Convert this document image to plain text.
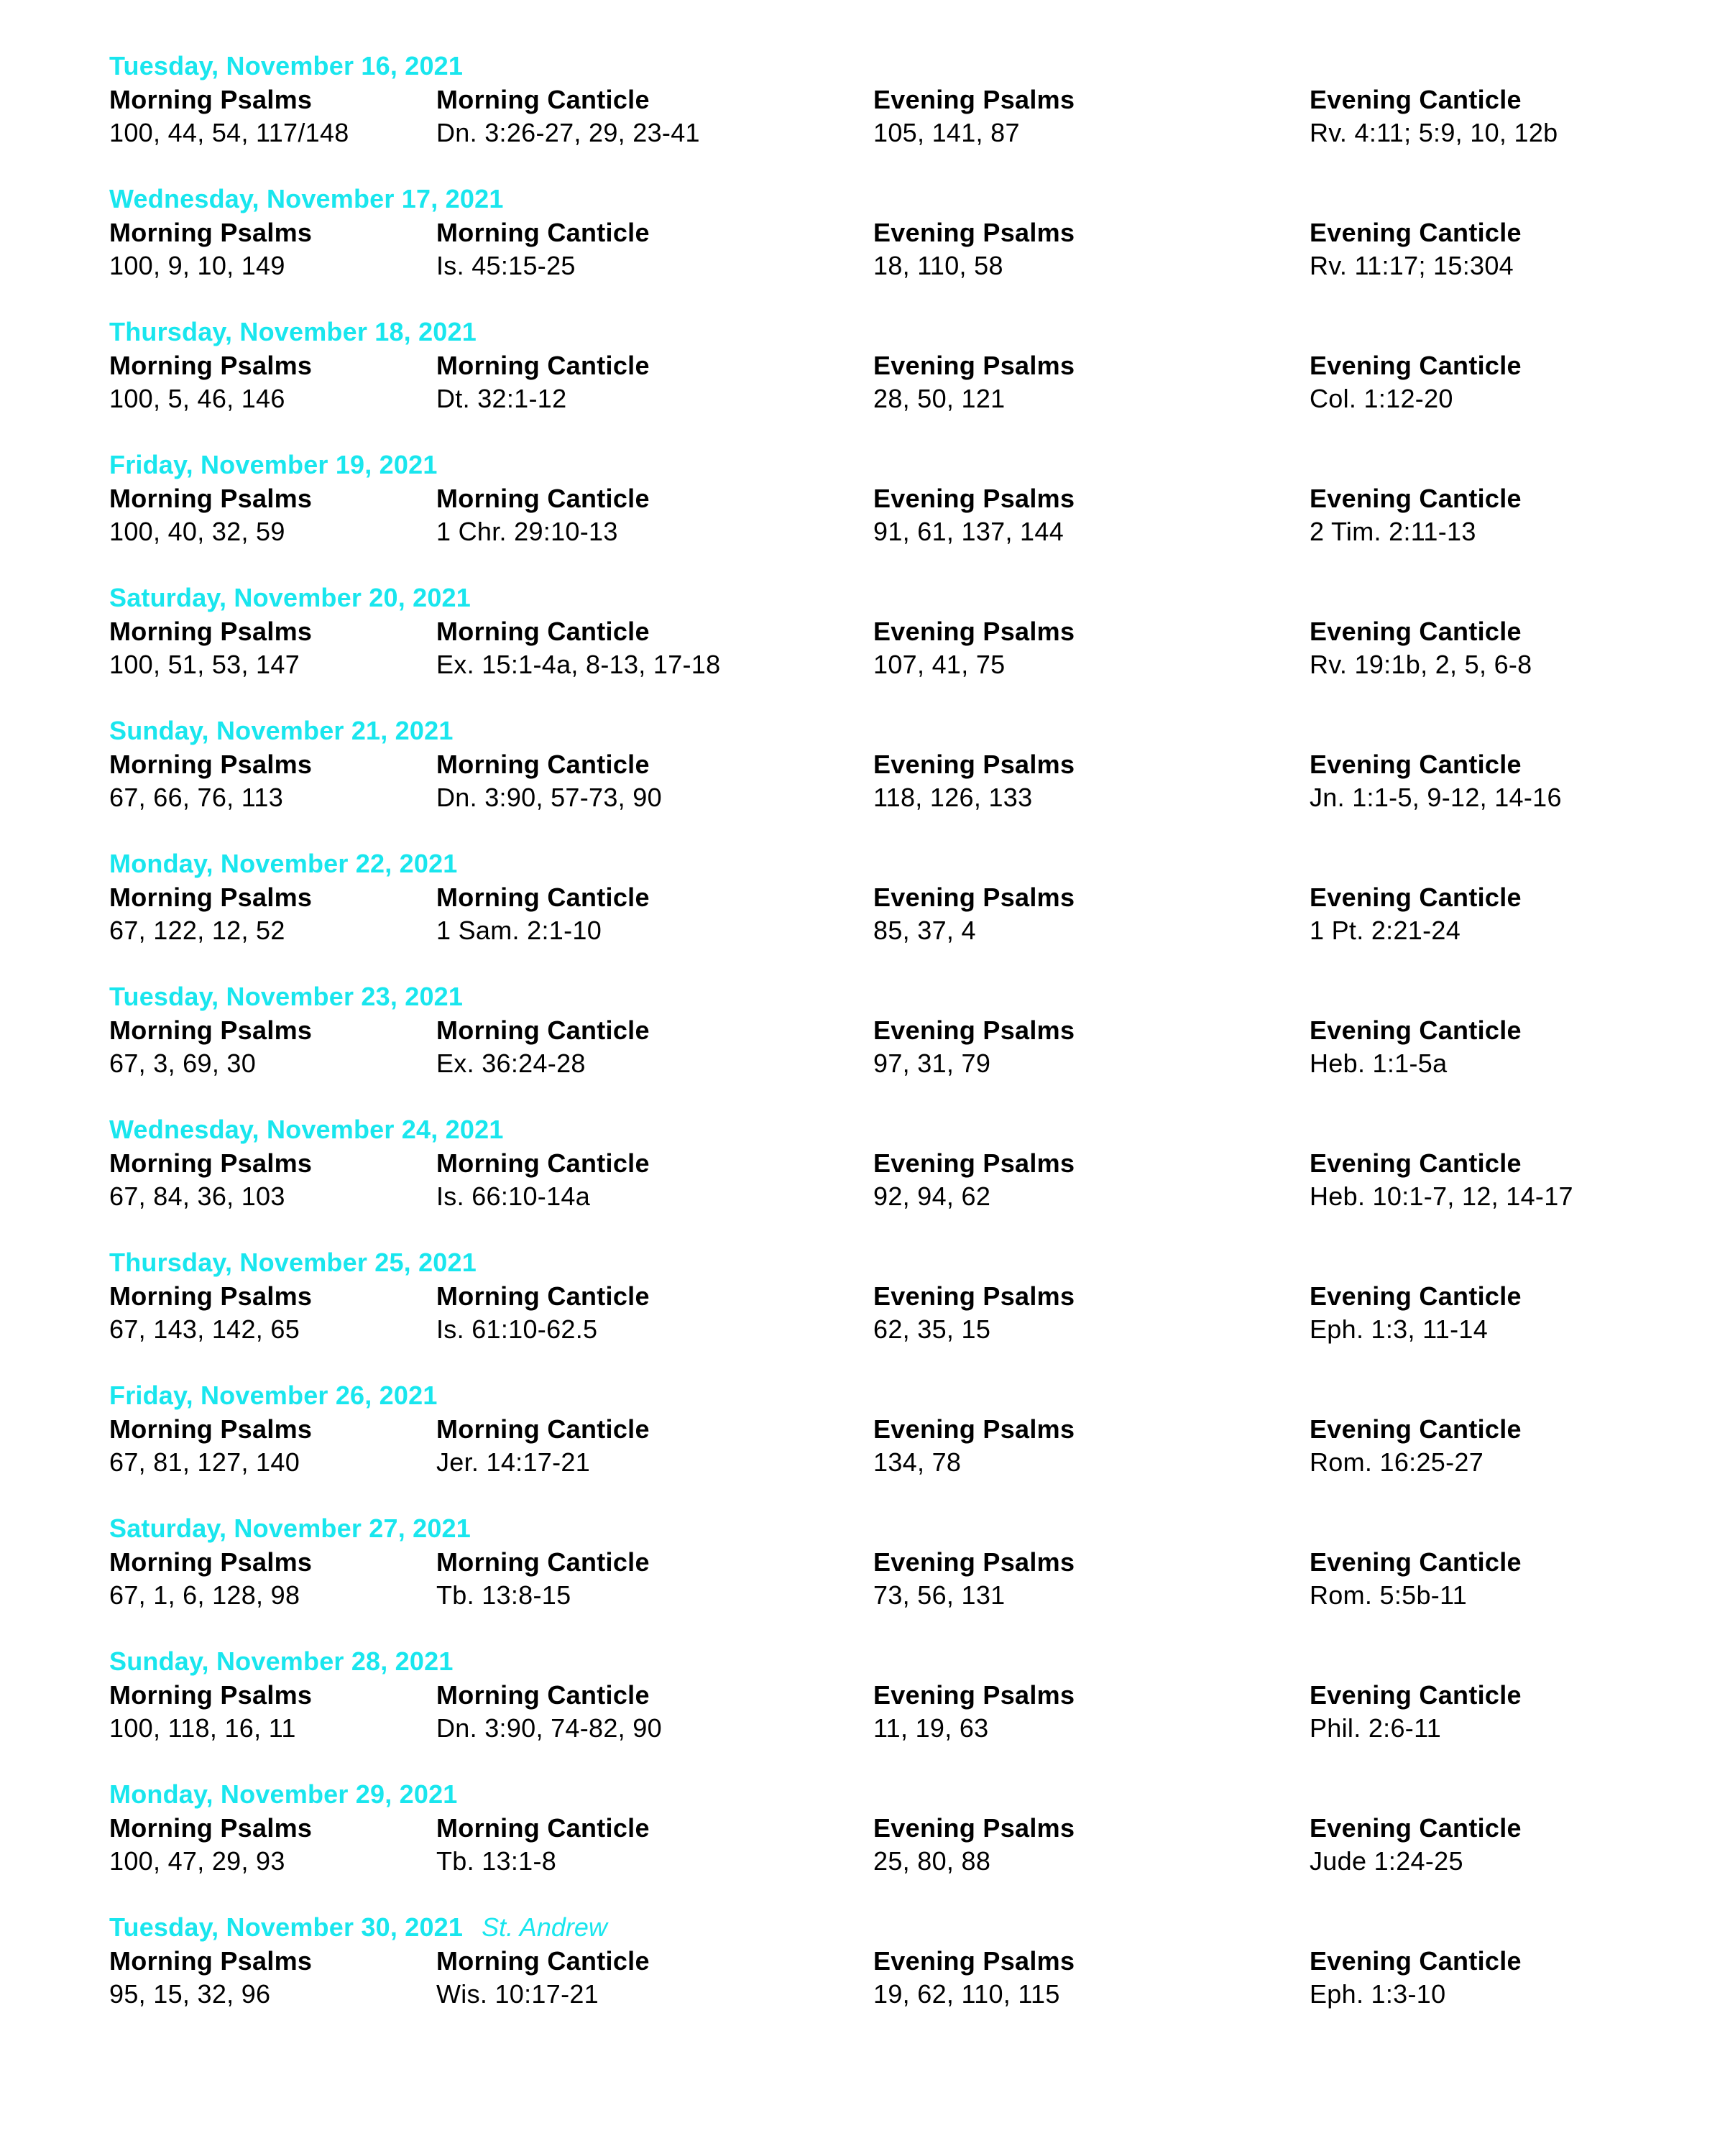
Tuesday, November 16, 2021
Morning Psalms
100, 44, 54, 117/148
Morning Canticle
Dn. 3:26-27, 29, 23-41
Evening Psalms
105, 141, 87
Evening Canticle
Rv. 4:11; 5:9, 10, 12b
Wednesday, November 17, 2021
Morning Psalms
100, 9, 10, 149
Morning Canticle
Is. 45:15-25
Evening Psalms
18, 110, 58
Evening Canticle
Rv. 11:17; 15:304
Thursday, November 18, 2021
Morning Psalms
100, 5, 46, 146
Morning Canticle
Dt. 32:1-12
Evening Psalms
28, 50, 121
Evening Canticle
Col. 1:12-20
Friday, November 19, 2021
Morning Psalms
100, 40, 32, 59
Morning Canticle
1 Chr. 29:10-13
Evening Psalms
91, 61, 137, 144
Evening Canticle
2 Tim. 2:11-13
Saturday, November 20, 2021
Morning Psalms
100, 51, 53, 147
Morning Canticle
Ex. 15:1-4a, 8-13, 17-18
Evening Psalms
107, 41, 75
Evening Canticle
Rv. 19:1b, 2, 5, 6-8
Sunday, November 21, 2021
Morning Psalms
67, 66, 76, 113
Morning Canticle
Dn. 3:90, 57-73, 90
Evening Psalms
118, 126, 133
Evening Canticle
Jn. 1:1-5, 9-12, 14-16
Monday, November 22, 2021
Morning Psalms
67, 122, 12, 52
Morning Canticle
1 Sam. 2:1-10
Evening Psalms
85, 37, 4
Evening Canticle
1 Pt. 2:21-24
Tuesday, November 23, 2021
Morning Psalms
67, 3, 69, 30
Morning Canticle
Ex. 36:24-28
Evening Psalms
97, 31, 79
Evening Canticle
Heb. 1:1-5a
Wednesday, November 24, 2021
Morning Psalms
67, 84, 36, 103
Morning Canticle
Is. 66:10-14a
Evening Psalms
92, 94, 62
Evening Canticle
Heb. 10:1-7, 12, 14-17
Thursday, November 25, 2021
Morning Psalms
67, 143, 142, 65
Morning Canticle
Is. 61:10-62.5
Evening Psalms
62, 35, 15
Evening Canticle
Eph. 1:3, 11-14
Friday, November 26, 2021
Morning Psalms
67, 81, 127, 140
Morning Canticle
Jer. 14:17-21
Evening Psalms
134, 78
Evening Canticle
Rom. 16:25-27
Saturday, November 27, 2021
Morning Psalms
67, 1, 6, 128, 98
Morning Canticle
Tb. 13:8-15
Evening Psalms
73, 56, 131
Evening Canticle
Rom. 5:5b-11
Sunday, November 28, 2021
Morning Psalms
100, 118, 16, 11
Morning Canticle
Dn. 3:90, 74-82, 90
Evening Psalms
11, 19, 63
Evening Canticle
Phil. 2:6-11
Monday, November 29, 2021
Morning Psalms
100, 47, 29, 93
Morning Canticle
Tb. 13:1-8
Evening Psalms
25, 80, 88
Evening Canticle
Jude 1:24-25
Tuesday, November 30, 2021 St. Andrew
Morning Psalms
95, 15, 32, 96
Morning Canticle
Wis. 10:17-21
Evening Psalms
19, 62, 110, 115
Evening Canticle
Eph. 1:3-10
